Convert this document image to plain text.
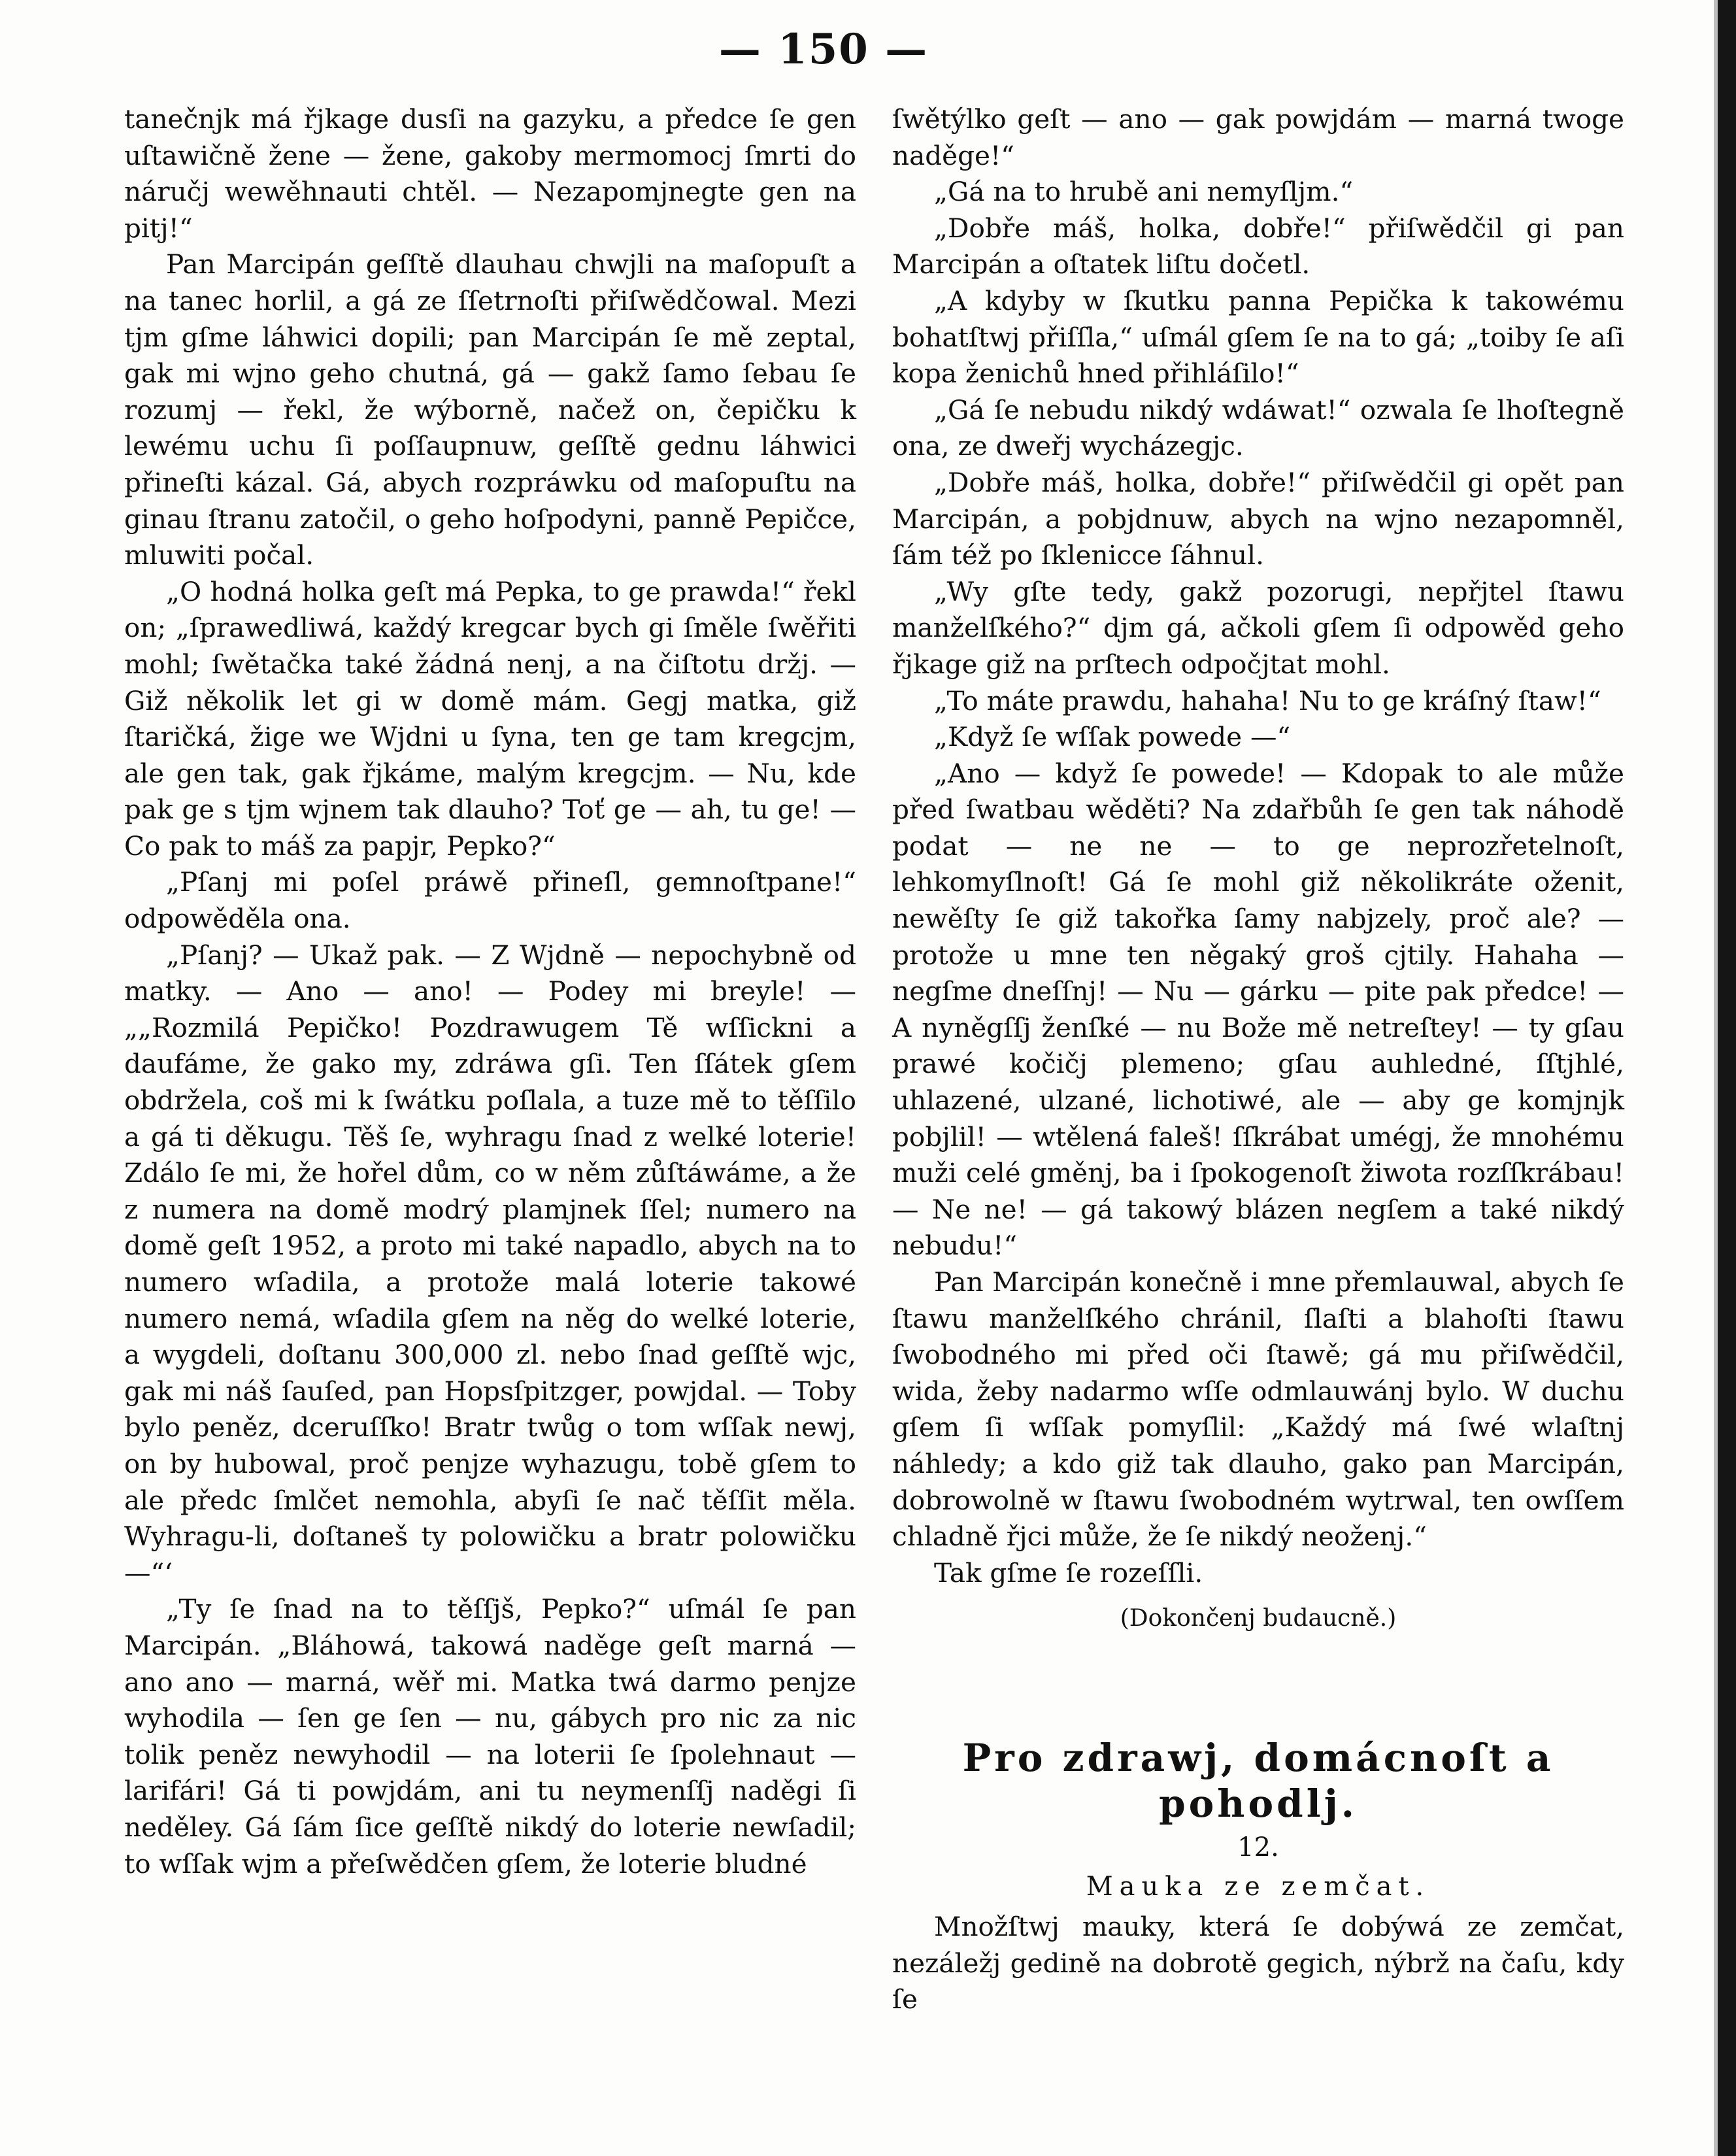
— 150 —

tanečnjk má řjkage dusſi na gazyku, a předce ſe gen uſtawičně žene — žene, gakoby mermomocj ſmrti do náručj wewěhnauti chtěl. — Nezapomjnegte gen na pitj!“

Pan Marcipán geſſtě dlauhau chwjli na maſopuſt a na tanec horlil, a gá ze ſſetrnoſti přiſwědčowal. Mezi tjm gſme láhwici dopili; pan Marcipán ſe mě zeptal, gak mi wjno geho chutná, gá — gakž ſamo ſebau ſe rozumj — řekl, že wýborně, načež on, čepičku k lewému uchu ſi poſſaupnuw, geſſtě gednu láhwici přineſti kázal. Gá, abych rozpráwku od maſopuſtu na ginau ſtranu zatočil, o geho hoſpodyni, panně Pepičce, mluwiti počal.

„O hodná holka geſt má Pepka, to ge prawda!“ řekl on; „ſprawedliwá, každý kregcar bych gi ſměle ſwěřiti mohl; ſwětačka také žádná nenj, a na čiſtotu držj. — Giž několik let gi w domě mám. Gegj matka, giž ſtaričká, žige we Wjdni u ſyna, ten ge tam kregcjm, ale gen tak, gak řjkáme, malým kregcjm. — Nu, kde pak ge s tjm wjnem tak dlauho? Toť ge — ah, tu ge! — Co pak to máš za papjr, Pepko?“

„Pſanj mi poſel práwě přineſl, gemnoſtpane!“ odpowěděla ona.

„Pſanj? — Ukaž pak. — Z Wjdně — nepochybně od matky. — Ano — ano! — Podey mi breyle! — „„Rozmilá Pepičko! Pozdrawugem Tě wſſickni a daufáme, že gako my, zdráwa gſi. Ten ſſátek gſem obdržela, coš mi k ſwátku poſlala, a tuze mě to těſſilo a gá ti děkugu. Těš ſe, wyhragu ſnad z welké loterie! Zdálo ſe mi, že hořel dům, co w něm zůſtáwáme, a že z numera na domě modrý plamjnek ſſel; numero na domě geſt 1952, a proto mi také napadlo, abych na to numero wſadila, a protože malá loterie takowé numero nemá, wſadila gſem na něg do welké loterie, a wygdeli, doſtanu 300,000 zl. nebo ſnad geſſtě wjc, gak mi náš ſauſed, pan Hopsſpitzger, powjdal. — Toby bylo peněz, dceruſſko! Bratr twůg o tom wſſak newj, on by hubowal, proč penjze wyhazugu, tobě gſem to ale předc ſmlčet nemohla, abyſi ſe nač těſſit měla. Wyhragu-li, doſtaneš ty polowičku a bratr polowičku —“‘

„Ty ſe ſnad na to těſſjš, Pepko?“ uſmál ſe pan Marcipán. „Bláhowá, takowá naděge geſt marná — ano ano — marná, wěř mi. Matka twá darmo penjze wyhodila — ſen ge ſen — nu, gábych pro nic za nic tolik peněz newyhodil — na loterii ſe ſpolehnaut — larifári! Gá ti powjdám, ani tu neymenſſj naděgi ſi neděley. Gá ſám ſice geſſtě nikdý do loterie newſadil; to wſſak wjm a přeſwědčen gſem, že loterie bludné

ſwětýlko geſt — ano — gak powjdám — marná twoge naděge!“

„Gá na to hrubě ani nemyſljm.“

„Dobře máš, holka, dobře!“ přiſwědčil gi pan Marcipán a oſtatek liſtu dočetl.

„A kdyby w ſkutku panna Pepička k takowému bohatſtwj přiſſla,“ uſmál gſem ſe na to gá; „toiby ſe aſi kopa ženichů hned přihláſilo!“

„Gá ſe nebudu nikdý wdáwat!“ ozwala ſe lhoſtegně ona, ze dweřj wycházegjc.

„Dobře máš, holka, dobře!“ přiſwědčil gi opět pan Marcipán, a pobjdnuw, abych na wjno nezapomněl, ſám též po ſklenicce ſáhnul.

„Wy gſte tedy, gakž pozorugi, nepřjtel ſtawu manželſkého?“ djm gá, ačkoli gſem ſi odpowěd geho řjkage giž na prſtech odpočjtat mohl.

„To máte prawdu, hahaha! Nu to ge kráſný ſtaw!“

„Když ſe wſſak powede —“

„Ano — když ſe powede! — Kdopak to ale může před ſwatbau wěděti? Na zdařbůh ſe gen tak náhodě podat — ne ne — to ge neprozřetelnoſt, lehkomyſlnoſt! Gá ſe mohl giž několikráte oženit, newěſty ſe giž takořka ſamy nabjzely, proč ale? — protože u mne ten něgaký groš cjtily. Hahaha — negſme dneſſnj! — Nu — gárku — pite pak předce! — A nyněgſſj ženſké — nu Bože mě netreſtey! — ty gſau prawé kočičj plemeno; gſau auhledné, ſſtjhlé, uhlazené, ulzané, lichotiwé, ale — aby ge komjnjk pobjlil! — wtělená faleš! ſſkrábat umégj, že mnohému muži celé gměnj, ba i ſpokogenoſt žiwota rozſſkrábau! — Ne ne! — gá takowý blázen negſem a také nikdý nebudu!“

Pan Marcipán konečně i mne přemlauwal, abych ſe ſtawu manželſkého chránil, ſlaſti a blahoſti ſtawu ſwobodného mi před oči ſtawě; gá mu přiſwědčil, wida, žeby nadarmo wſſe odmlauwánj bylo. W duchu gſem ſi wſſak pomyſlil: „Každý má ſwé wlaſtnj náhledy; a kdo giž tak dlauho, gako pan Marcipán, dobrowolně w ſtawu ſwobodném wytrwal, ten owſſem chladně řjci může, že ſe nikdý neoženj.“

Tak gſme ſe rozeſſli.

(Dokončenj budaucně.)
Pro zdrawj, domácnoſt a pohodlj.
12.
Mauka ze zemčat.

Množſtwj mauky, která ſe dobýwá ze zemčat, nezáležj gedině na dobrotě gegich, nýbrž na čaſu, kdy ſe
